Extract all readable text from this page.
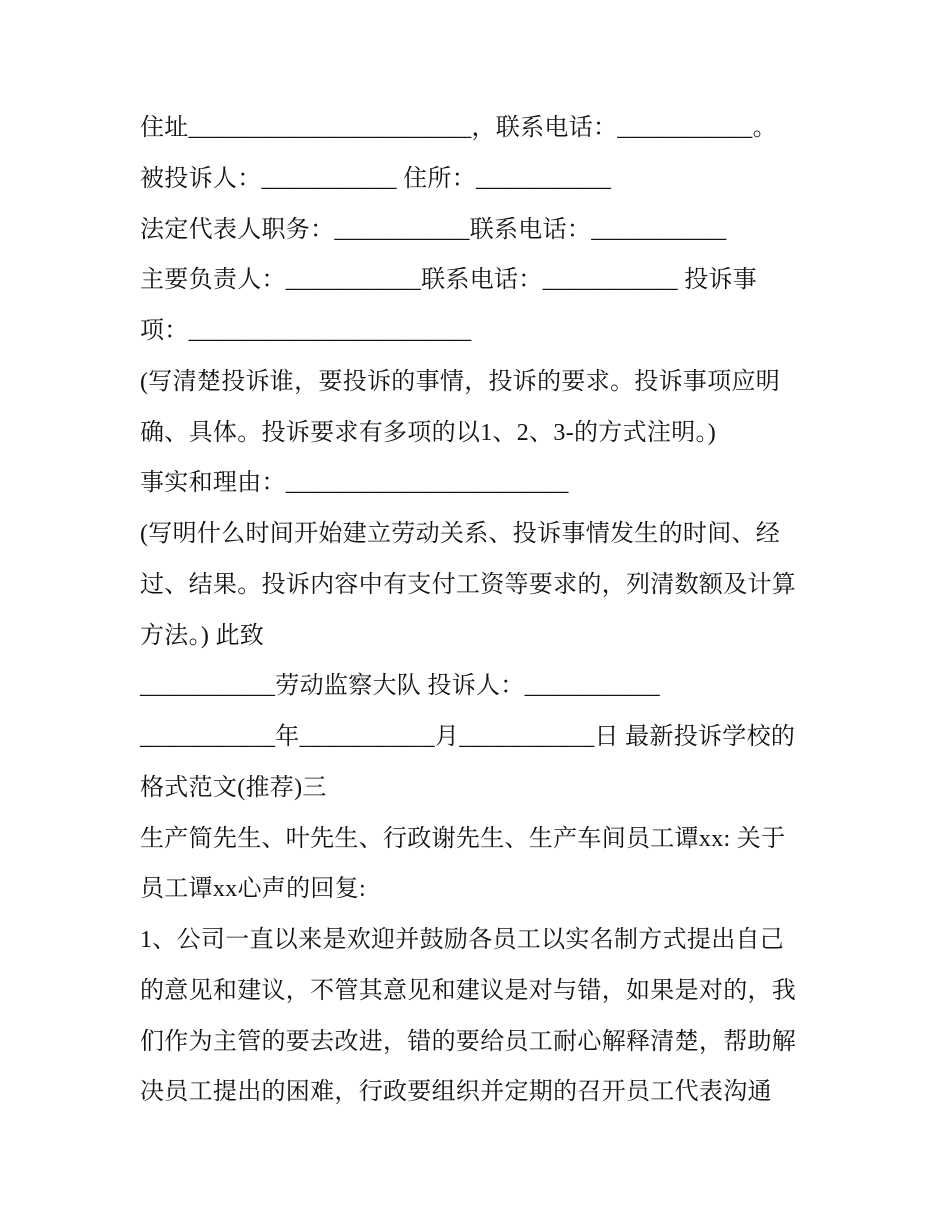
住址_______________________，联系电话：___________。
被投诉人：___________ 住所：___________
法定代表人职务：___________联系电话：___________
主要负责人：___________联系电话：___________ 投诉事
项：_______________________
(写清楚投诉谁，要投诉的事情，投诉的要求。投诉事项应明
确、具体。投诉要求有多项的以1、2、3-的方式注明。)
事实和理由：_______________________
(写明什么时间开始建立劳动关系、投诉事情发生的时间、经
过、结果。投诉内容中有支付工资等要求的，列清数额及计算
方法。) 此致
___________劳动监察大队 投诉人：___________
___________年___________月___________日 最新投诉学校的
格式范文(推荐)三
生产简先生、叶先生、行政谢先生、生产车间员工谭xx: 关于
员工谭xx心声的回复:
1、公司一直以来是欢迎并鼓励各员工以实名制方式提出自己
的意见和建议，不管其意见和建议是对与错，如果是对的，我
们作为主管的要去改进，错的要给员工耐心解释清楚，帮助解
决员工提出的困难，行政要组织并定期的召开员工代表沟通
